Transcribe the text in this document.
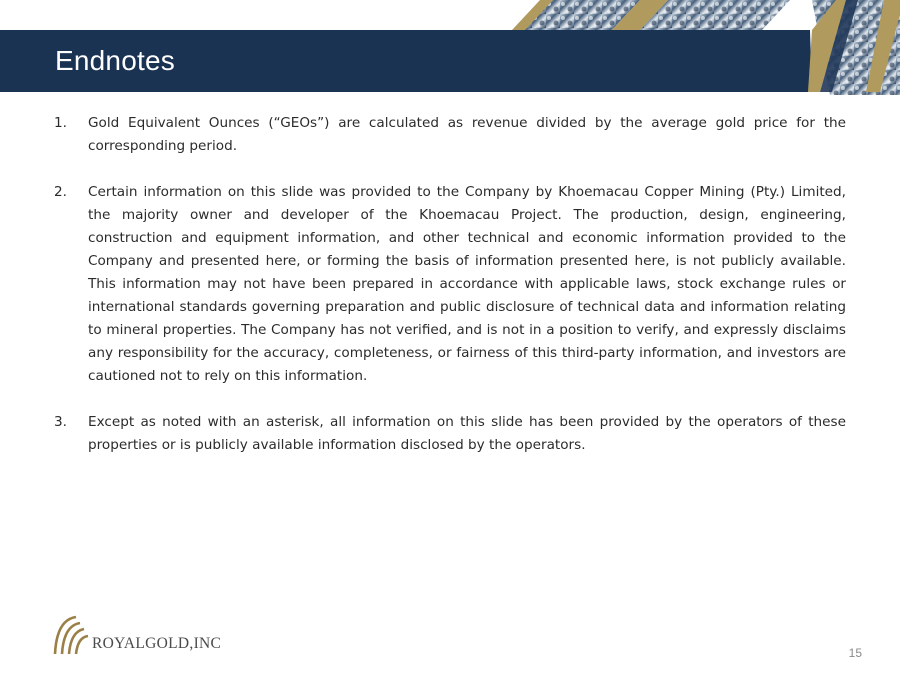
Endnotes
1. Gold Equivalent Ounces (“GEOs”) are calculated as revenue divided by the average gold price for the corresponding period.
2. Certain information on this slide was provided to the Company by Khoemacau Copper Mining (Pty.) Limited, the majority owner and developer of the Khoemacau Project. The production, design, engineering, construction and equipment information, and other technical and economic information provided to the Company and presented here, or forming the basis of information presented here, is not publicly available. This information may not have been prepared in accordance with applicable laws, stock exchange rules or international standards governing preparation and public disclosure of technical data and information relating to mineral properties. The Company has not verified, and is not in a position to verify, and expressly disclaims any responsibility for the accuracy, completeness, or fairness of this third-party information, and investors are cautioned not to rely on this information.
3. Except as noted with an asterisk, all information on this slide has been provided by the operators of these properties or is publicly available information disclosed by the operators.
ROYALGOLD,INC
15
